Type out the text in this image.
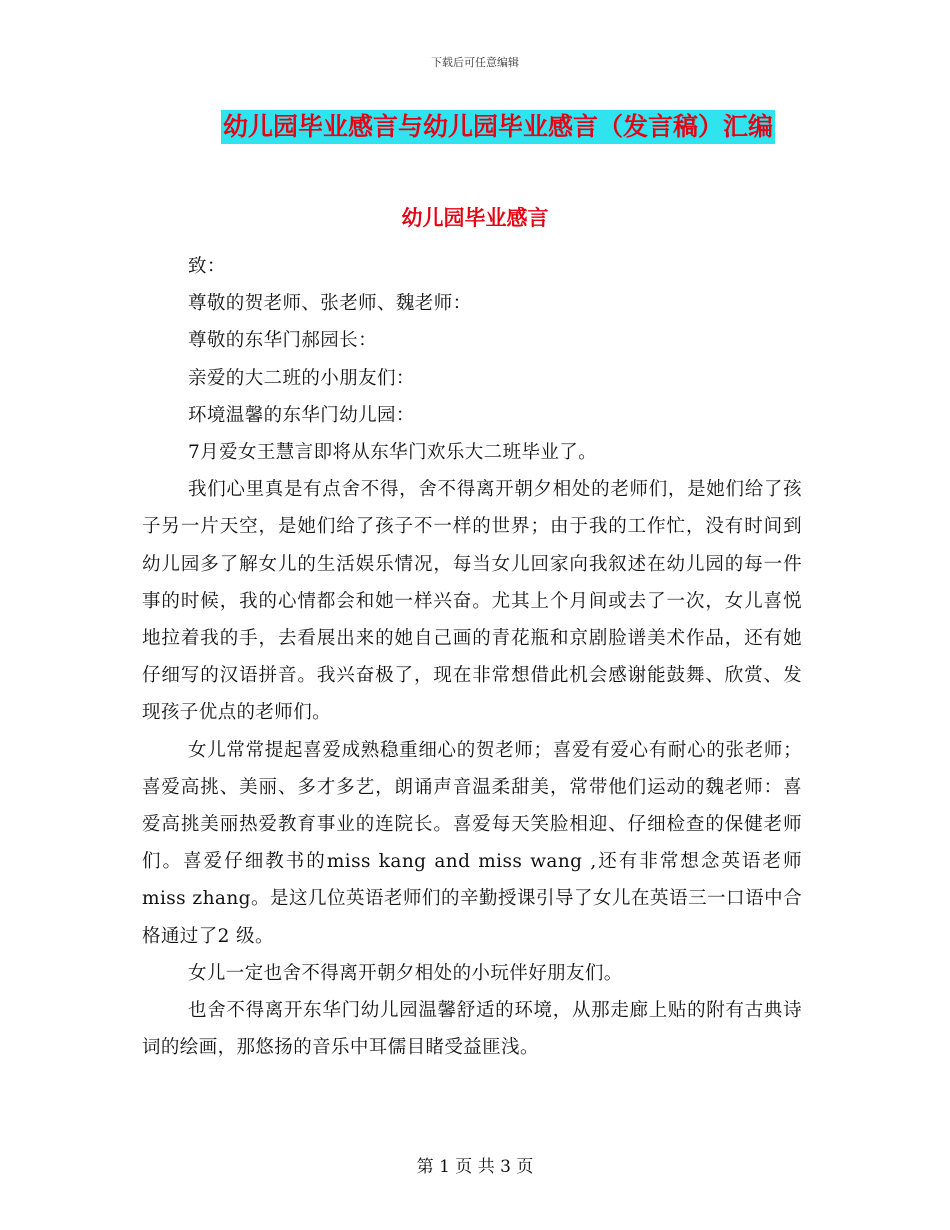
下载后可任意编辑
幼儿园毕业感言与幼儿园毕业感言（发言稿）汇编
幼儿园毕业感言

致：

尊敬的贺老师、张老师、魏老师：

尊敬的东华门郝园长：

亲爱的大二班的小朋友们：

环境温馨的东华门幼儿园：

7月爱女王慧言即将从东华门欢乐大二班毕业了。

我们心里真是有点舍不得，舍不得离开朝夕相处的老师们，是她们给了孩子另一片天空，是她们给了孩子不一样的世界；由于我的工作忙，没有时间到幼儿园多了解女儿的生活娱乐情况，每当女儿回家向我叙述在幼儿园的每一件事的时候，我的心情都会和她一样兴奋。尤其上个月间或去了一次，女儿喜悦地拉着我的手，去看展出来的她自己画的青花瓶和京剧脸谱美术作品，还有她仔细写的汉语拼音。我兴奋极了，现在非常想借此机会感谢能鼓舞、欣赏、发现孩子优点的老师们。

女儿常常提起喜爱成熟稳重细心的贺老师；喜爱有爱心有耐心的张老师；喜爱高挑、美丽、多才多艺，朗诵声音温柔甜美，常带他们运动的魏老师：喜爱高挑美丽热爱教育事业的连院长。喜爱每天笑脸相迎、仔细检查的保健老师们。喜爱仔细教书的miss kang and miss wang ,还有非常想念英语老师miss zhang。是这几位英语老师们的辛勤授课引导了女儿在英语三一口语中合格通过了2 级。

女儿一定也舍不得离开朝夕相处的小玩伴好朋友们。

也舍不得离开东华门幼儿园温馨舒适的环境，从那走廊上贴的附有古典诗词的绘画，那悠扬的音乐中耳儒目睹受益匪浅。

第 1 页 共 3 页
